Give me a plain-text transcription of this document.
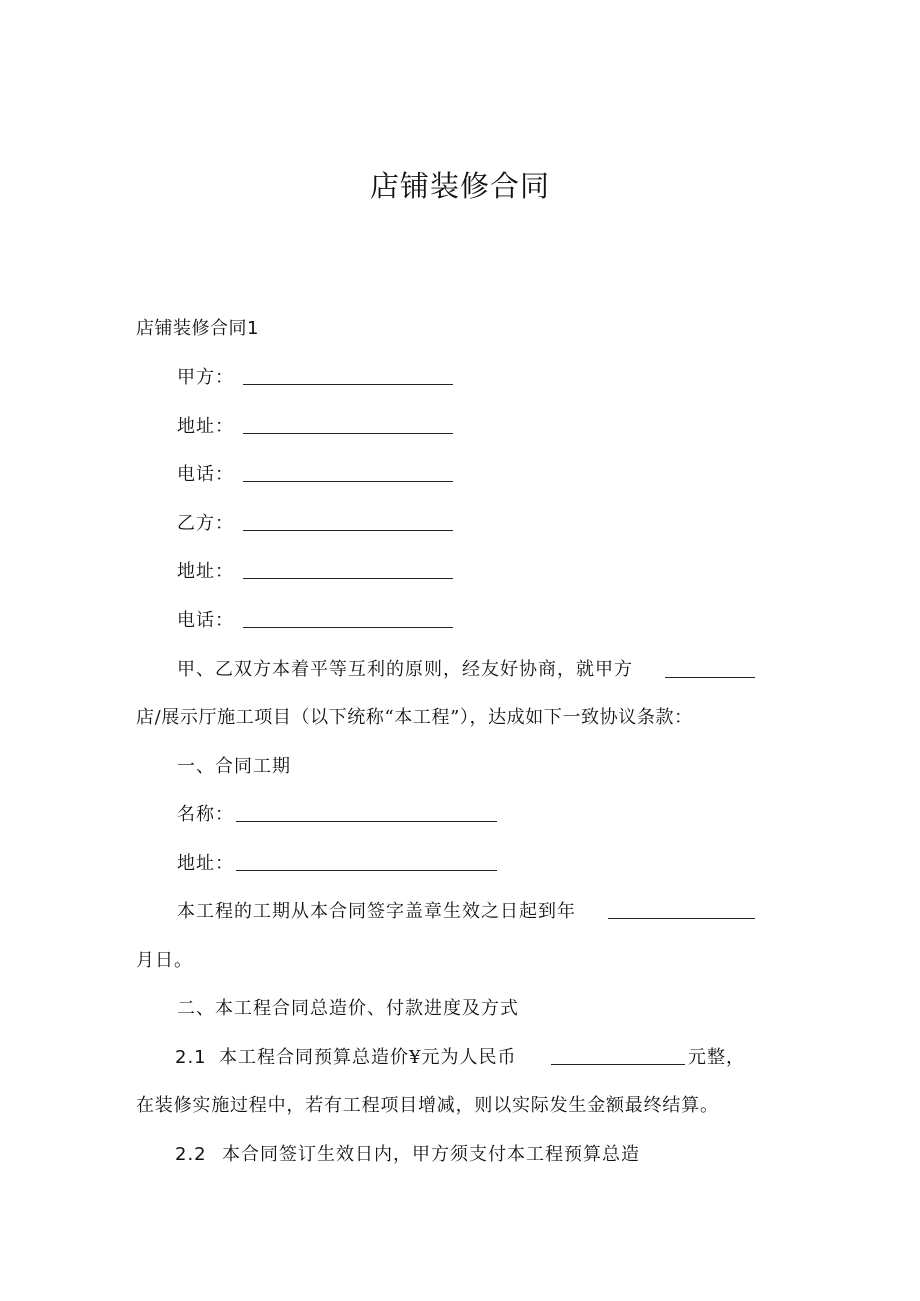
店铺装修合同
店铺装修合同1
甲方：
地址：
电话：
乙方：
地址：
电话：
甲、乙双方本着平等互利的原则，经友好协商，就甲方
店/展示厅施工项目（以下统称“本工程”），达成如下一致协议条款：
一、合同工期
名称：
地址：
本工程的工期从本合同签字盖章生效之日起到年
月日。
二、本工程合同总造价、付款进度及方式
2.1 本工程合同预算总造价¥元为人民币	元整，
在装修实施过程中，若有工程项目增减，则以实际发生金额最终结算。
2.2 本合同签订生效日内，甲方须支付本工程预算总造
